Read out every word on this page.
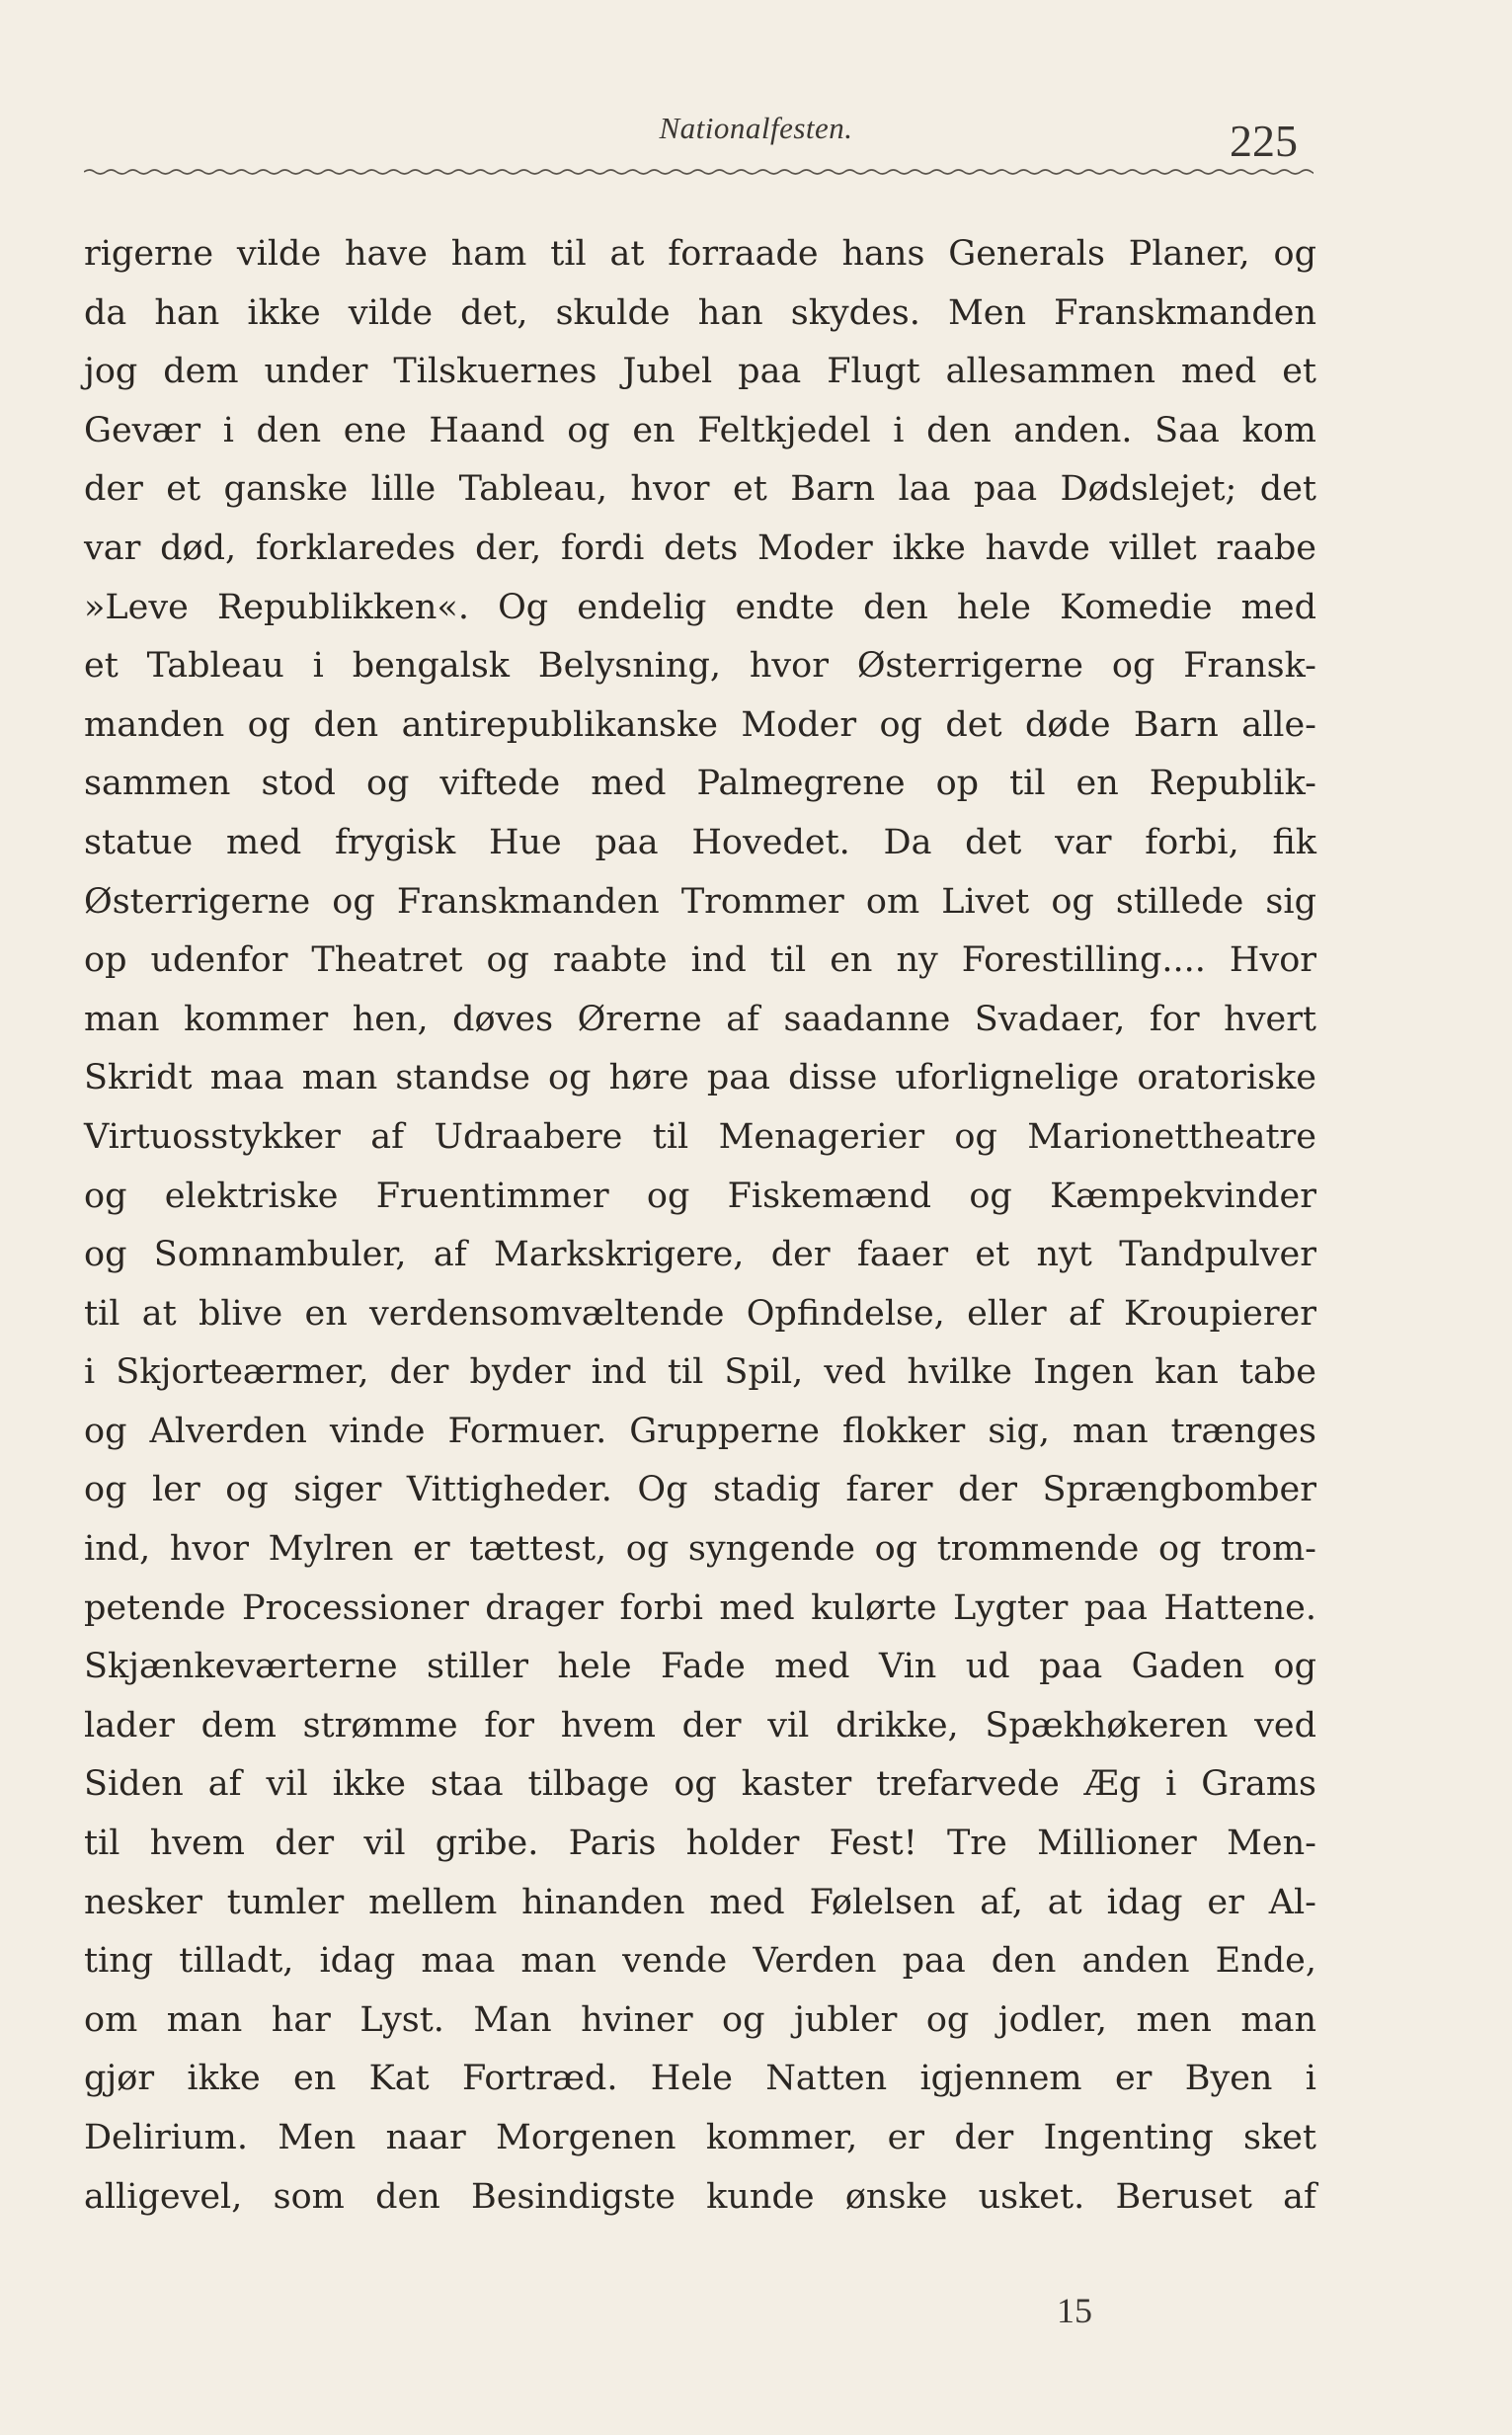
Nationalfesten.	225
rigerne vilde have ham til at forraade hans Generals Planer, og
da han ikke vilde det, skulde han skydes. Men Franskmanden
jog dem under Tilskuernes Jubel paa Flugt allesammen med et
Gevær i den ene Haand og en Feltkjedel i den anden. Saa kom
der et ganske lille Tableau, hvor et Barn laa paa Dødslejet; det
var død, forklaredes der, fordi dets Moder ikke havde villet raabe
»Leve Republikken«. Og endelig endte den hele Komedie med
et Tableau i bengalsk Belysning, hvor Østerrigerne og Fransk-
manden og den antirepublikanske Moder og det døde Barn alle-
sammen stod og viftede med Palmegrene op til en Republik-
statue med frygisk Hue paa Hovedet. Da det var forbi, fik
Østerrigerne og Franskmanden Trommer om Livet og stillede sig
op udenfor Theatret og raabte ind til en ny Forestilling.... Hvor
man kommer hen, døves Ørerne af saadanne Svadaer, for hvert
Skridt maa man standse og høre paa disse uforlignelige oratoriske
Virtuosstykker af Udraabere til Menagerier og Marionettheatre
og elektriske Fruentimmer og Fiskemænd og Kæmpekvinder
og Somnambuler, af Markskrigere, der faaer et nyt Tandpulver
til at blive en verdensomvæltende Opfindelse, eller af Kroupierer
i Skjorteærmer, der byder ind til Spil, ved hvilke Ingen kan tabe
og Alverden vinde Formuer. Grupperne flokker sig, man trænges
og ler og siger Vittigheder. Og stadig farer der Sprængbomber
ind, hvor Mylren er tættest, og syngende og trommende og trom-
petende Processioner drager forbi med kulørte Lygter paa Hattene.
Skjænkeværterne stiller hele Fade med Vin ud paa Gaden og
lader dem strømme for hvem der vil drikke, Spækhøkeren ved
Siden af vil ikke staa tilbage og kaster trefarvede Æg i Grams
til hvem der vil gribe. Paris holder Fest! Tre Millioner Men-
nesker tumler mellem hinanden med Følelsen af, at idag er Al-
ting tilladt, idag maa man vende Verden paa den anden Ende,
om man har Lyst. Man hviner og jubler og jodler, men man
gjør ikke en Kat Fortræd. Hele Natten igjennem er Byen i
Delirium. Men naar Morgenen kommer, er der Ingenting sket
alligevel, som den Besindigste kunde ønske usket. Beruset af
15
